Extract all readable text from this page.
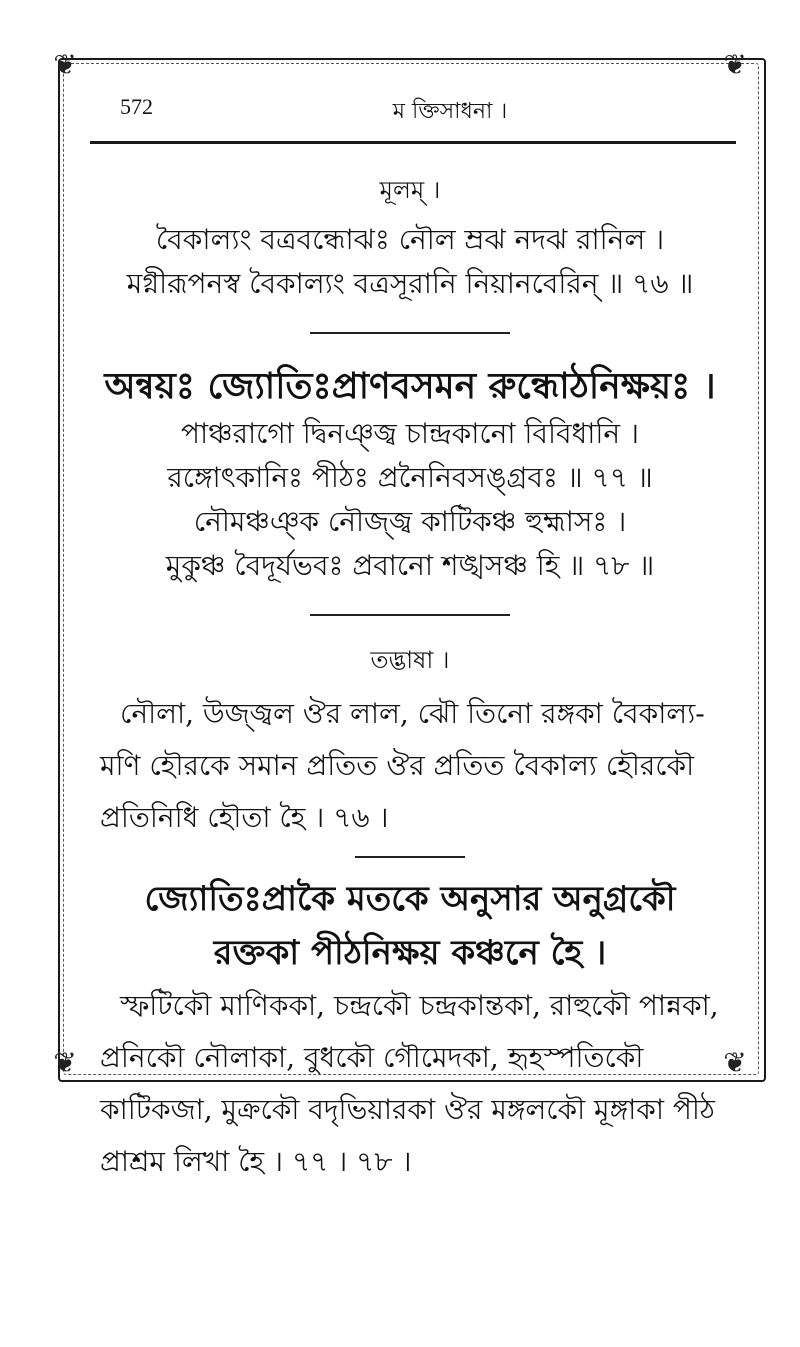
❦	❦
❦	❦
572	ম ক্তিসাধনা ।
মূলম্ ।
বৈকাল্যং বত্রবন্ধোঝঃ নৌল ম্রঝ নদঝ রানিল ।
মগ্নীরূপনস্ব বৈকাল্যং বত্রসূরানি নিয়ানবেরিন্ ॥ ৭৬ ॥
অন্বয়ঃ জ্যোতিঃপ্রাণবসমন রুন্ধোঠনিক্ষয়ঃ ।
পাঞ্চরাগো দ্বিনঞ্জ্ব চান্দ্ৰকানো বিবিধানি ।
রঙ্গোৎকানিঃ পীঠঃ প্রনৈনিবসঙ্গ্রবঃ ॥ ৭৭ ॥
নৌমঞ্চঞ্ক নৌজ্জ্ব কাটিকঞ্চ হুহ্মাসঃ ।
মুকুঞ্চ বৈদূর্যভবঃ প্রবানো শঙ্খসঞ্চ হি ॥ ৭৮ ॥
তদ্ভাষা ।
নৌলা, উজ্জ্বল ঔর লাল, ঝৌ তিনো রঙ্গকা বৈকাল্য- মণি হৌরকে সমান প্রতিত ঔর প্রতিত বৈকাল্য হৌরকৌ প্রতিনিধি হৌতা হৈ । ৭৬ ।
জ্যোতিঃপ্রাকৈ মতকে অনুসার অনুগ্রকৌ রক্তকা পীঠনিক্ষয় কঞ্চনে হৈ ।
স্ফটিকৌ মাণিককা, চন্দ্ৰকৌ চন্দ্ৰকান্তকা, রাহুকৌ পান্নকা, প্রনিকৌ নৌলাকা, বুধকৌ গৌমেদকা, হৃহস্পতিকৌ কাটিকজা, মুক্ৰকৌ বদৃভিয়ারকা ঔর মঙ্গলকৌ মূঙ্গাকা পীঠ প্রাশ্রম লিখা হৈ । ৭৭ । ৭৮ ।
